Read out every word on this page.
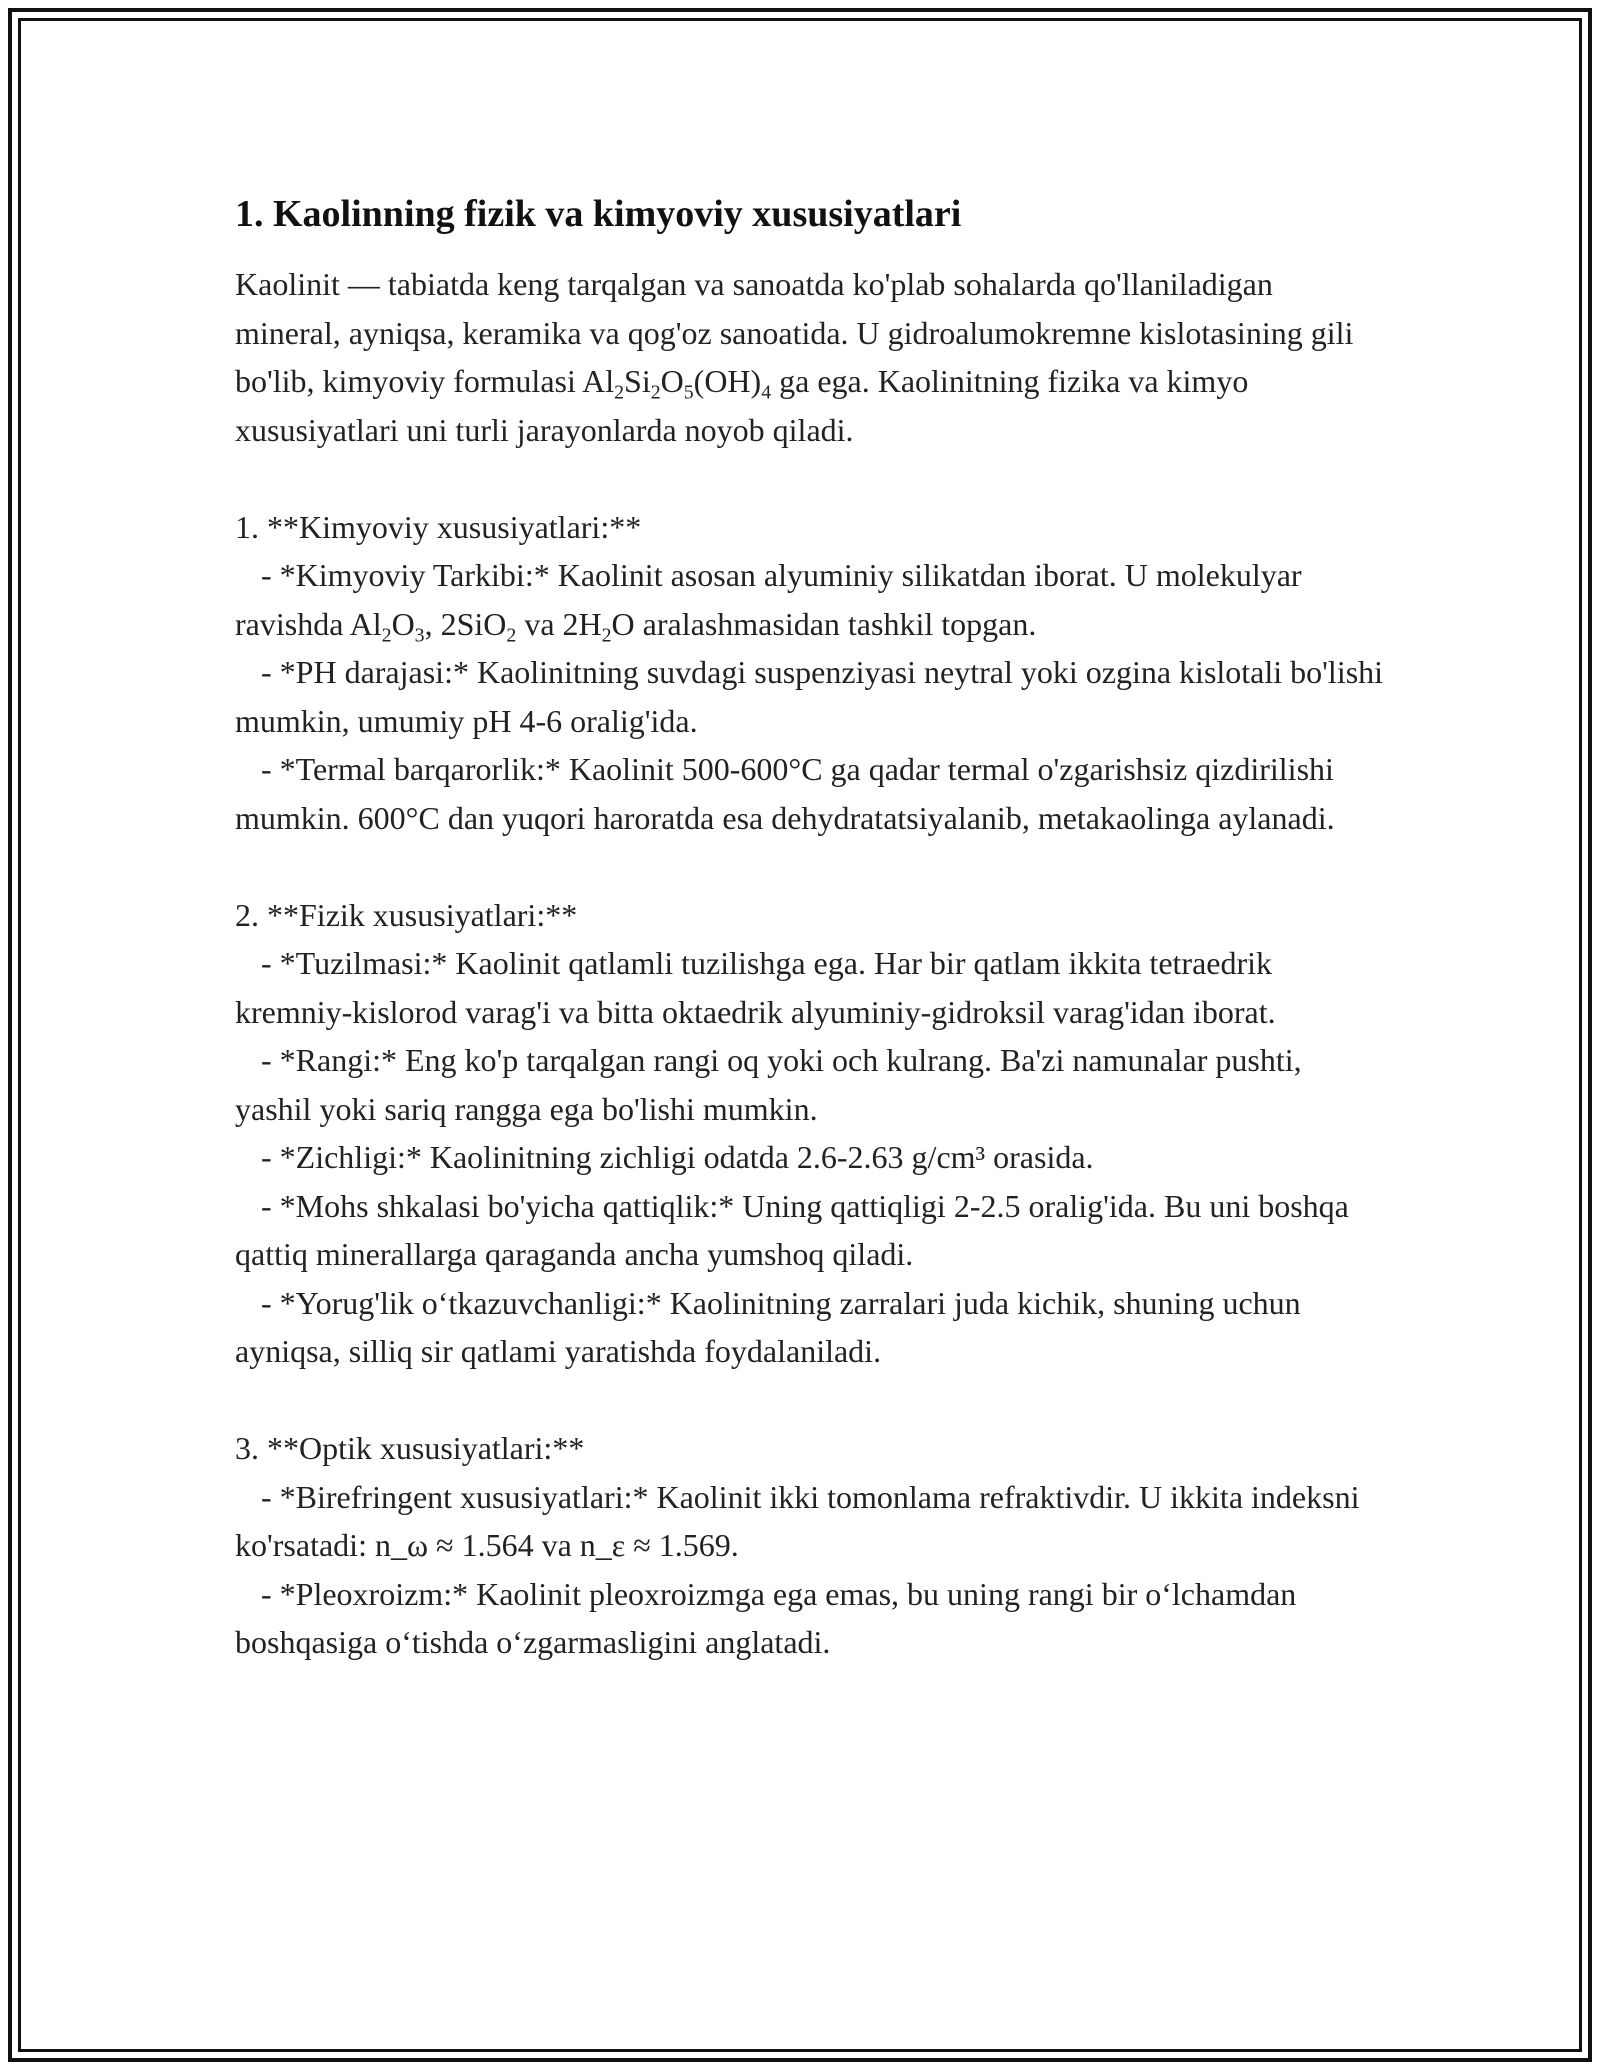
1. Kaolinning fizik va kimyoviy xususiyatlari

Kaolinit — tabiatda keng tarqalgan va sanoatda ko'plab sohalarda qo'llaniladigan mineral, ayniqsa, keramika va qog'oz sanoatida. U gidroalumokremne kislotasining gili bo'lib, kimyoviy formulasi $Al_2Si_2O_5(OH)_4$ ga ega. Kaolinitning fizika va kimyo xususiyatlari uni turli jarayonlarda noyob qiladi.

1. **Kimyoviy xususiyatlari:**

- *Kimyoviy Tarkibi:* Kaolinit asosan alyuminiy silikatdan iborat. U molekulyar ravishda $Al_2O_3$, 2SiO$_2$ va $2H_2O$ aralashmasidan tashkil topgan.

- *PH darajasi:* Kaolinitning suvdagi suspenziyasi neytral yoki ozgina kislotali bo'lishi mumkin, umumiy pH 4-6 oralig'ida.

- *Termal barqarorlik:* Kaolinit 500-600°C ga qadar termal o'zgarishsiz qizdirilishi mumkin. 600°C dan yuqori haroratda esa dehydratatsiyalanib, metakaolinga aylanadi.

2. **Fizik xususiyatlari:**

- *Tuzilmasi:* Kaolinit qatlamli tuzilishga ega. Har bir qatlam ikkita tetraedrik kremniy-kislorod varag'i va bitta oktaedrik alyuminiy-gidroksil varag'idan iborat.

- *Rangi:* Eng ko'p tarqalgan rangi oq yoki och kulrang. Ba'zi namunalar pushti, yashil yoki sariq rangga ega bo'lishi mumkin.

- *Zichligi:* Kaolinitning zichligi odatda 2.6-2.63 g/cm³ orasida.

- *Mohs shkalasi bo'yicha qattiqlik:* Uning qattiqligi 2-2.5 oralig'ida. Bu uni boshqa qattiq minerallarga qaraganda ancha yumshoq qiladi.

- *Yorug'lik o‘tkazuvchanligi:* Kaolinitning zarralari juda kichik, shuning uchun ayniqsa, silliq sir qatlami yaratishda foydalaniladi.

3. **Optik xususiyatlari:**

- *Birefringent xususiyatlari:* Kaolinit ikki tomonlama refraktivdir. U ikkita indeksni ko'rsatadi: n_ω ≈ 1.564 va n_ε ≈ 1.569.

- *Pleoxroizm:* Kaolinit pleoxroizmga ega emas, bu uning rangi bir o‘lchamdan boshqasiga o‘tishda o‘zgarmasligini anglatadi.
